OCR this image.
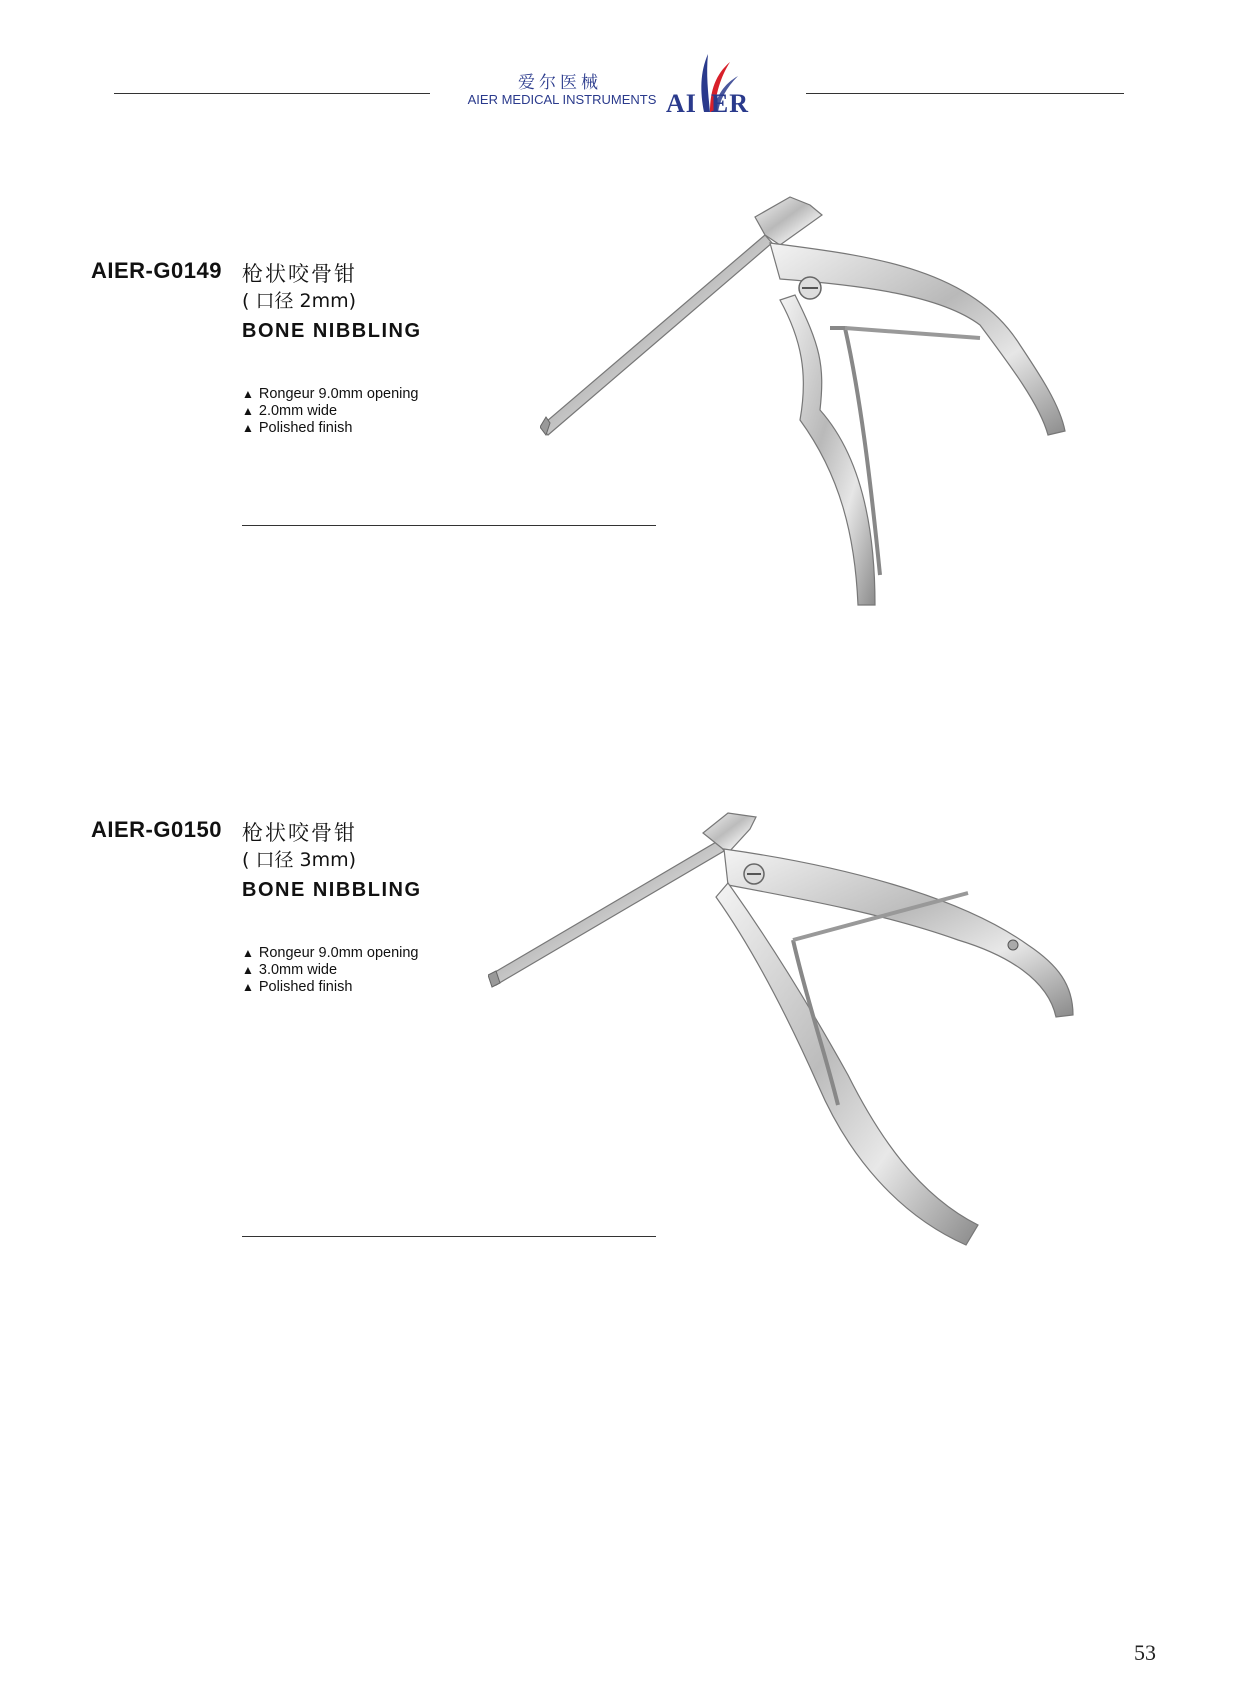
爱尔医械
AIER MEDICAL INSTRUMENTS AI ER
AIER-G0149 枪状咬骨钳
( 口径 2mm)
BONE NIBBLING
▲ Rongeur 9.0mm opening
▲ 2.0mm wide
▲ Polished finish
AIER-G0150 枪状咬骨钳
( 口径 3mm)
BONE NIBBLING
▲ Rongeur 9.0mm opening
▲ 3.0mm wide
▲ Polished finish
53
